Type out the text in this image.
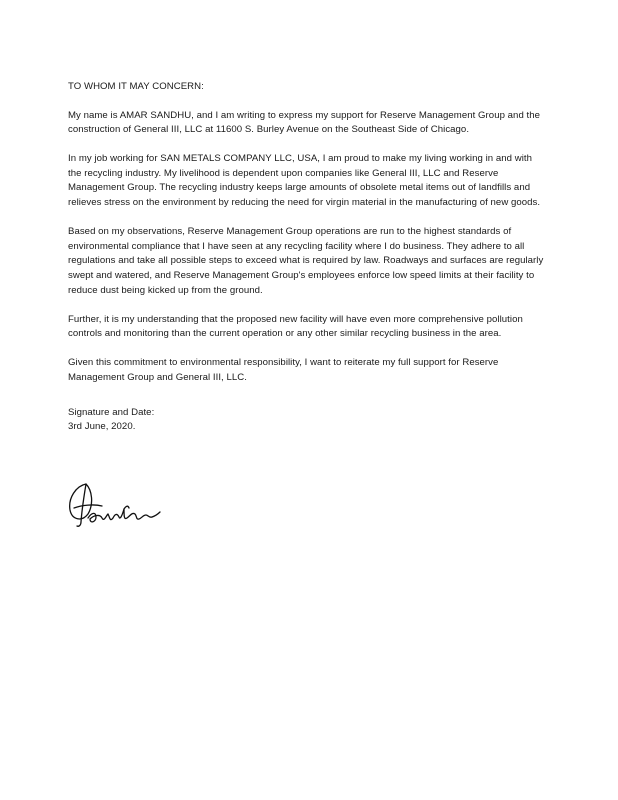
TO WHOM IT MAY CONCERN:

My name is AMAR SANDHU, and I am writing to express my support for Reserve Management Group and the construction of General III, LLC at 11600 S. Burley Avenue on the Southeast Side of Chicago.

In my job working for SAN METALS COMPANY LLC, USA, I am proud to make my living working in and with the recycling industry. My livelihood is dependent upon companies like General III, LLC and Reserve Management Group. The recycling industry keeps large amounts of obsolete metal items out of landfills and relieves stress on the environment by reducing the need for virgin material in the manufacturing of new goods.

Based on my observations, Reserve Management Group operations are run to the highest standards of environmental compliance that I have seen at any recycling facility where I do business. They adhere to all regulations and take all possible steps to exceed what is required by law. Roadways and surfaces are regularly swept and watered, and Reserve Management Group's employees enforce low speed limits at their facility to reduce dust being kicked up from the ground.

Further, it is my understanding that the proposed new facility will have even more comprehensive pollution controls and monitoring than the current operation or any other similar recycling business in the area.

Given this commitment to environmental responsibility, I want to reiterate my full support for Reserve Management Group and General III, LLC.

Signature and Date:
3rd June, 2020.
